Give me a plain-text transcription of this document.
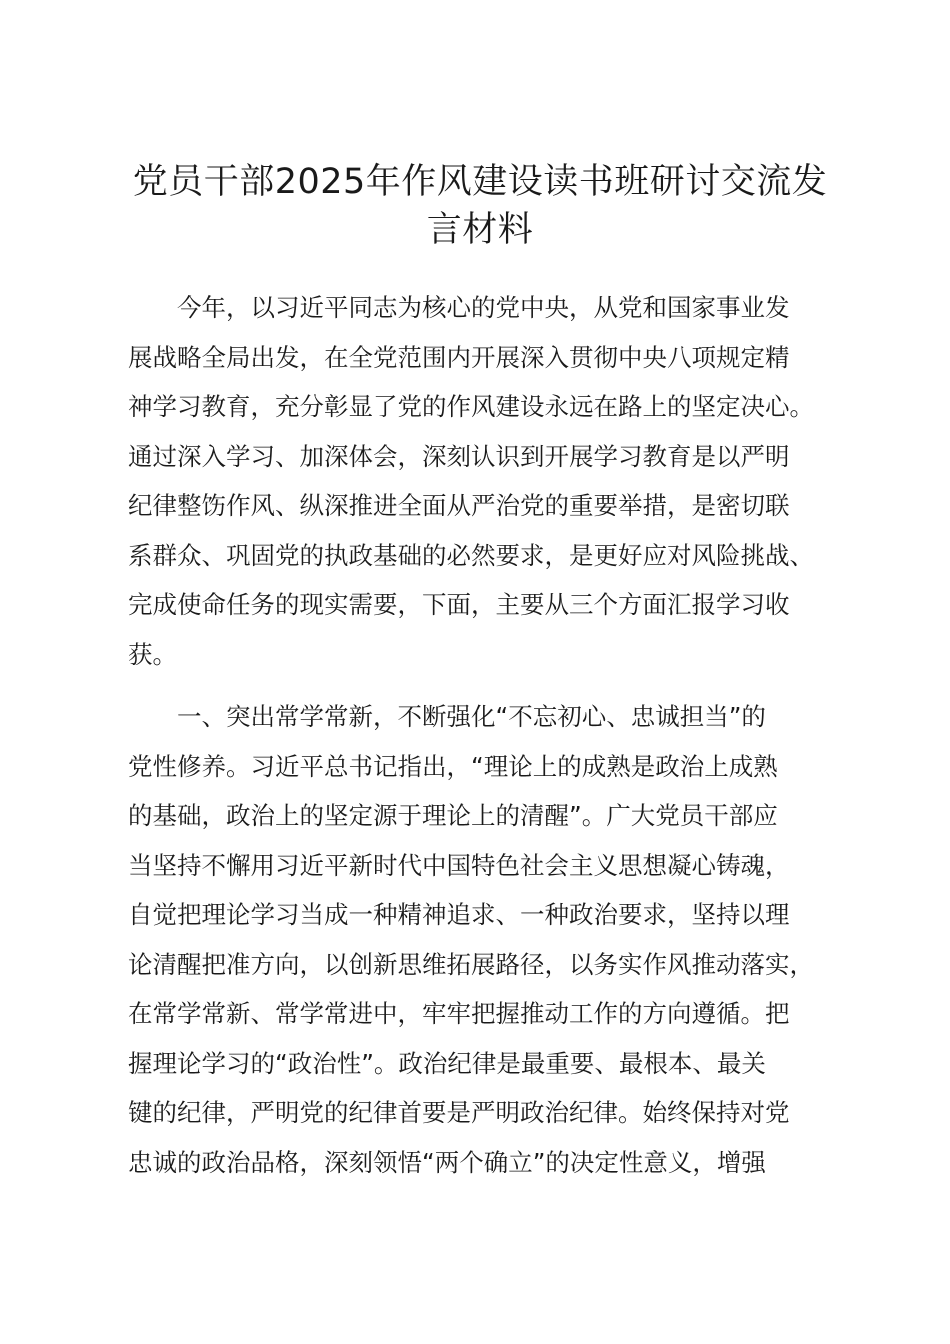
党员干部2025年作风建设读书班研讨交流发
言材料
今年，以习近平同志为核心的党中央，从党和国家事业发
展战略全局出发，在全党范围内开展深入贯彻中央八项规定精
神学习教育，充分彰显了党的作风建设永远在路上的坚定决心。
通过深入学习、加深体会，深刻认识到开展学习教育是以严明
纪律整饬作风、纵深推进全面从严治党的重要举措，是密切联
系群众、巩固党的执政基础的必然要求，是更好应对风险挑战、
完成使命任务的现实需要，下面，主要从三个方面汇报学习收
获。
一、突出常学常新，不断强化“不忘初心、忠诚担当”的
党性修养。习近平总书记指出，“理论上的成熟是政治上成熟
的基础，政治上的坚定源于理论上的清醒”。广大党员干部应
当坚持不懈用习近平新时代中国特色社会主义思想凝心铸魂，
自觉把理论学习当成一种精神追求、一种政治要求，坚持以理
论清醒把准方向，以创新思维拓展路径，以务实作风推动落实，
在常学常新、常学常进中，牢牢把握推动工作的方向遵循。把
握理论学习的“政治性”。政治纪律是最重要、最根本、最关
键的纪律，严明党的纪律首要是严明政治纪律。始终保持对党
忠诚的政治品格，深刻领悟“两个确立”的决定性意义，增强
